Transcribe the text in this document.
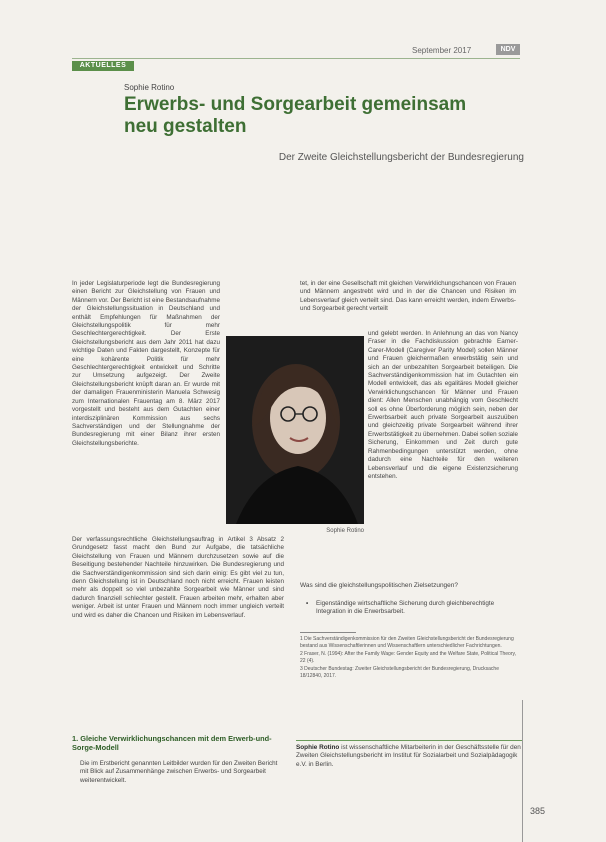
September 2017	NDV
AKTUELLES
Sophie Rotino
Erwerbs- und Sorgearbeit gemeinsam neu gestalten
Der Zweite Gleichstellungsbericht der Bundesregierung

In jeder Legislaturperiode legt die Bundesregierung einen Bericht zur Gleichstellung von Frauen und Männern vor. Der Bericht ist eine Bestandsaufnahme der Gleichstellungssituation in Deutschland und enthält Empfehlungen für Maßnahmen der Gleichstellungspolitik für mehr Geschlechtergerechtigkeit. Der Erste Gleichstellungsbericht aus dem Jahr 2011 hat dazu wichtige Daten und Fakten dargestellt, Konzepte für eine kohärente Politik für mehr Geschlechtergerechtigkeit entwickelt und Schritte zur Umsetzung aufgezeigt. Der Zweite Gleichstellungsbericht knüpft daran an. Er wurde mit der damaligen Frauenministerin Manuela Schwesig zum Internationalen Frauentag am 8. März 2017 vorgestellt und besteht aus dem Gutachten einer interdisziplinären Kommission aus sechs Sachverständigen und der Stellungnahme der Bundesregierung mit einer Bilanz ihrer ersten Gleichstellungsberichte.

Sophie Rotino

Der verfassungsrechtliche Gleichstellungsauftrag in Artikel 3 Absatz 2 Grundgesetz fasst macht den Bund zur Aufgabe, die tatsächliche Gleichstellung von Frauen und Männern durchzusetzen sowie auf die Beseitigung bestehender Nachteile hinzuwirken. Die Bundesregierung und die Sachverständigenkommission sind sich darin einig: Es gibt viel zu tun, denn Gleichstellung ist in Deutschland noch nicht erreicht. Frauen leisten mehr als doppelt so viel unbezahlte Sorgearbeit wie Männer und sind dadurch finanziell schlechter gestellt. Frauen arbeiten mehr, erhalten aber weniger. Arbeit ist unter Frauen und Männern noch immer ungleich verteilt und wird es daher die Chancen und Risiken im Lebensverlauf.

tet, in der eine Gesellschaft mit gleichen Verwirklichungschancen von Frauen und Männern angestrebt wird und in der die Chancen und Risiken im Lebensverlauf gleich verteilt sind. Das kann erreicht werden, indem Erwerbs- und Sorgearbeit gerecht verteilt

und gelebt werden. In Anlehnung an das von Nancy Fraser in die Fachdiskussion gebrachte Earner-Carer-Modell (Caregiver Parity Model) sollen Männer und Frauen gleichermaßen erwerbstätig sein und sich an der unbezahlten Sorgearbeit beteiligen. Die Sachverständigenkommission hat im Gutachten ein Modell entwickelt, das als egalitäres Modell gleicher Verwirklichungschancen für Männer und Frauen dient: Allen Menschen unabhängig vom Geschlecht soll es ohne Überforderung möglich sein, neben der Erwerbsarbeit auch private Sorgearbeit auszuüben und gleichzeitig private Sorgearbeit während ihrer Erwerbstätigkeit zu übernehmen. Dabei sollen soziale Sicherung, Einkommen und Zeit durch gute Rahmenbedingungen unterstützt werden, ohne dadurch eine Nachteile für den weiteren Lebensverlauf und die eigene Existenzsicherung entstehen.

Was sind die gleichstellungspolitischen Zielsetzungen?
• Eigenständige wirtschaftliche Sicherung durch gleichberechtigte Integration in die Erwerbsarbeit.
1 Die Sachverständigenkommission für den Zweiten Gleichstellungsbericht der Bundesregierung bestand aus Wissenschaftlerinnen und Wissenschaftlern unterschiedlicher Fachrichtungen.
2 Fraser, N. (1994): After the Family Wage: Gender Equity and the Welfare State, Political Theory, 22 (4).
3 Deutscher Bundestag: Zweiter Gleichstellungsbericht der Bundesregierung, Drucksache 18/12840, 2017.
1. Gleiche Verwirklichungschancen mit dem Erwerb-und-Sorge-Modell
Die im Erstbericht genannten Leitbilder wurden für den Zweiten Bericht mit Blick auf Zusammenhänge zwischen Erwerbs- und Sorgearbeit weiterentwickelt.
Sophie Rotino ist wissenschaftliche Mitarbeiterin in der Geschäftsstelle für den Zweiten Gleichstellungsbericht im Institut für Sozialarbeit und Sozialpädagogik e.V. in Berlin.
385
